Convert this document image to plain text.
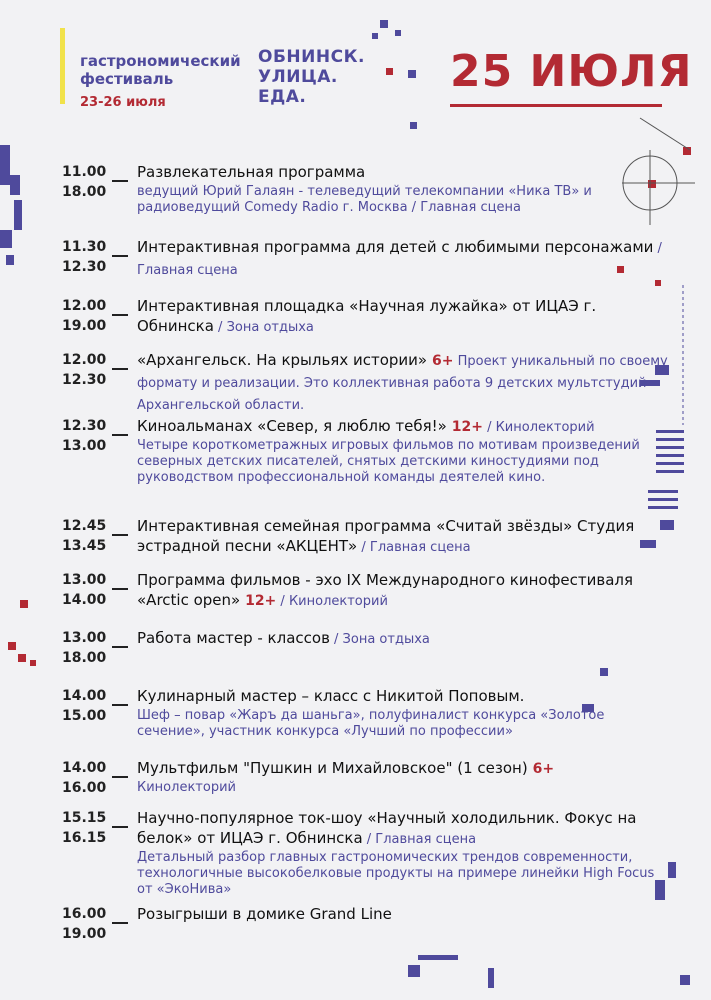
гастрономический
фестиваль
23-26 июля
ОБНИНСК.
УЛИЦА.
ЕДА.	25 ИЮЛЯ
11.00
18.00
Развлекательная программа
ведущий Юрий Галаян - телеведущий телекомпании «Ника ТВ» и радиоведущий Comedy Radio г. Москва / Главная сцена
11.30
12.30
Интерактивная программа для детей с любимыми персонажами / Главная сцена
12.00
19.00
Интерактивная площадка «Научная лужайка» от ИЦАЭ г. Обнинска / Зона отдыха
12.00
12.30
«Архангельск. На крыльях истории» 6+ Проект уникальный по своему формату и реализации. Это коллективная работа 9 детских мультстудий Архангельской области.
12.30
13.00
Киноальманах «Север, я люблю тебя!» 12+ / Кинолекторий
Четыре короткометражных игровых фильмов по мотивам произведений северных детских писателей, снятых детскими киностудиями под руководством профессиональной команды деятелей кино.
12.45
13.45
Интерактивная семейная программа «Считай звёзды» Студия эстрадной песни «АКЦЕНТ» / Главная сцена
13.00
14.00
Программа фильмов - эхо IX Международного кинофестиваля «Arctic open» 12+ / Кинолекторий
13.00
18.00
Работа мастер - классов / Зона отдыха
14.00
15.00
Кулинарный мастер – класс с Никитой Поповым.
Шеф – повар «Жаръ да шаньга», полуфиналист конкурса «Золотое сечение», участник конкурса «Лучший по профессии»
14.00
16.00
Мультфильм "Пушкин и Михайловское" (1 сезон) 6+
Кинолекторий
15.15
16.15
Научно-популярное ток-шоу «Научный холодильник. Фокус на белок» от ИЦАЭ г. Обнинска / Главная сцена
Детальный разбор главных гастрономических трендов современности, технологичные высокобелковые продукты на примере линейки High Focus от «ЭкоНива»
16.00
19.00
Розыгрыши в домике Grand Line
